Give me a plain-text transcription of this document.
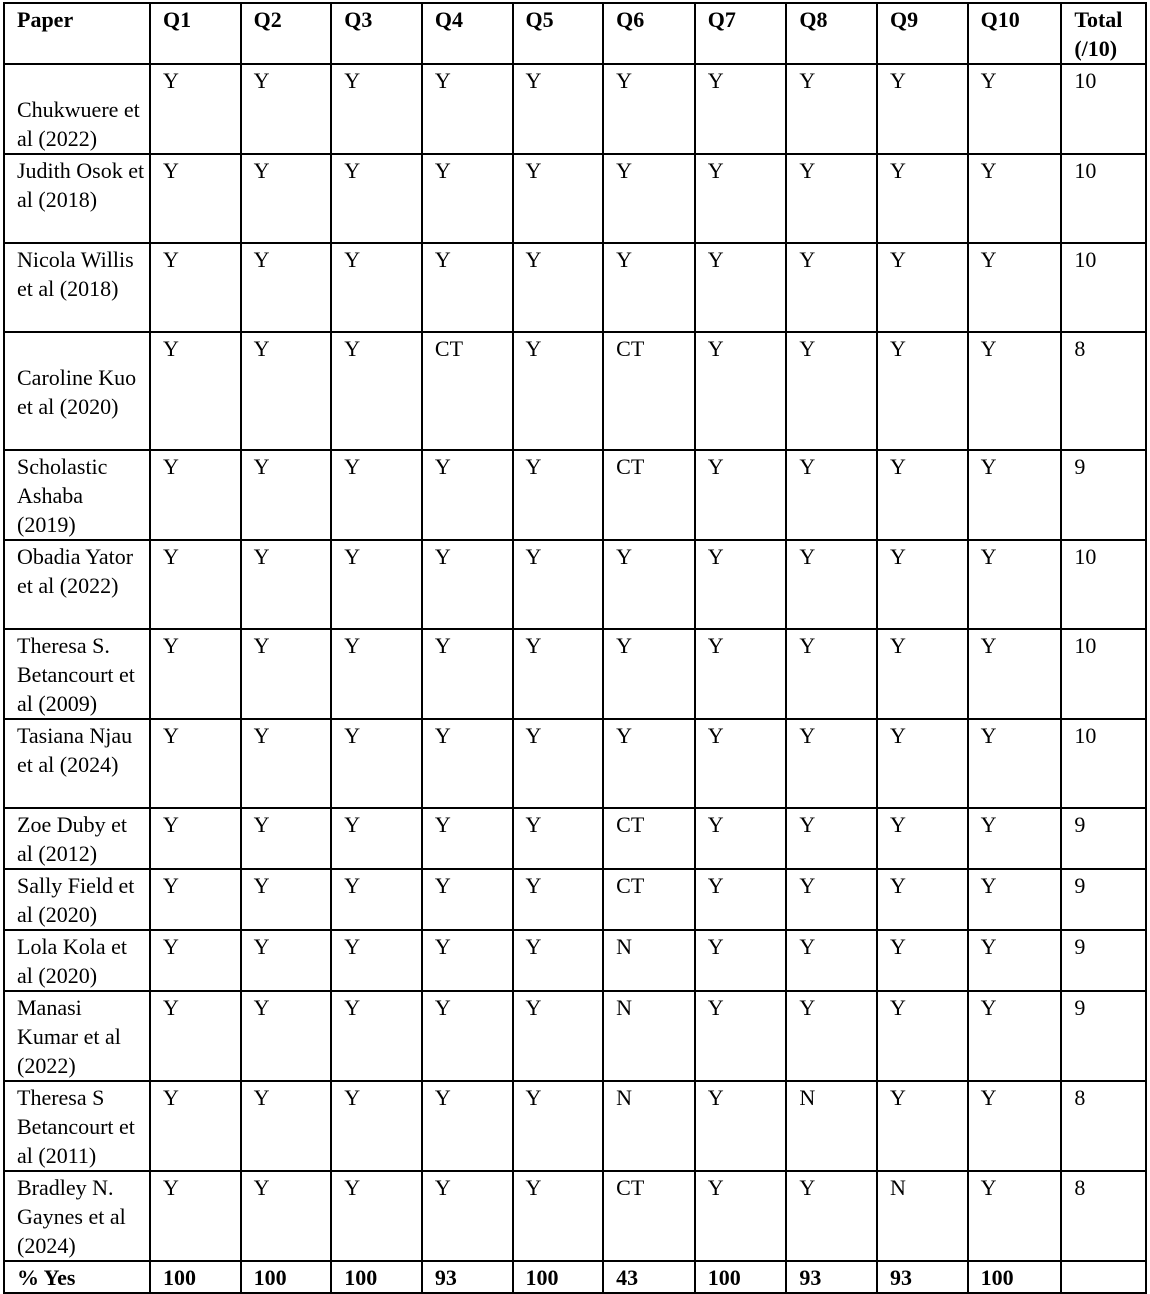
Paper	Q1	Q2	Q3	Q4	Q5	Q6	Q7	Q8	Q9	Q10	Total (/10)
Chukwuere et al (2022)	Y	Y	Y	Y	Y	Y	Y	Y	Y	Y	10
Judith Osok et al (2018)	Y	Y	Y	Y	Y	Y	Y	Y	Y	Y	10
Nicola Willis et al (2018)	Y	Y	Y	Y	Y	Y	Y	Y	Y	Y	10
Caroline Kuo et al (2020)	Y	Y	Y	CT	Y	CT	Y	Y	Y	Y	8
Scholastic Ashaba (2019)	Y	Y	Y	Y	Y	CT	Y	Y	Y	Y	9
Obadia Yator et al (2022)	Y	Y	Y	Y	Y	Y	Y	Y	Y	Y	10
Theresa S. Betancourt et al (2009)	Y	Y	Y	Y	Y	Y	Y	Y	Y	Y	10
Tasiana Njau et al (2024)	Y	Y	Y	Y	Y	Y	Y	Y	Y	Y	10
Zoe Duby et al (2012)	Y	Y	Y	Y	Y	CT	Y	Y	Y	Y	9
Sally Field et al (2020)	Y	Y	Y	Y	Y	CT	Y	Y	Y	Y	9
Lola Kola et al (2020)	Y	Y	Y	Y	Y	N	Y	Y	Y	Y	9
Manasi Kumar et al (2022)	Y	Y	Y	Y	Y	N	Y	Y	Y	Y	9
Theresa S Betancourt et al (2011)	Y	Y	Y	Y	Y	N	Y	N	Y	Y	8
Bradley N. Gaynes et al (2024)	Y	Y	Y	Y	Y	CT	Y	Y	N	Y	8
% Yes	100	100	100	93	100	43	100	93	93	100	
